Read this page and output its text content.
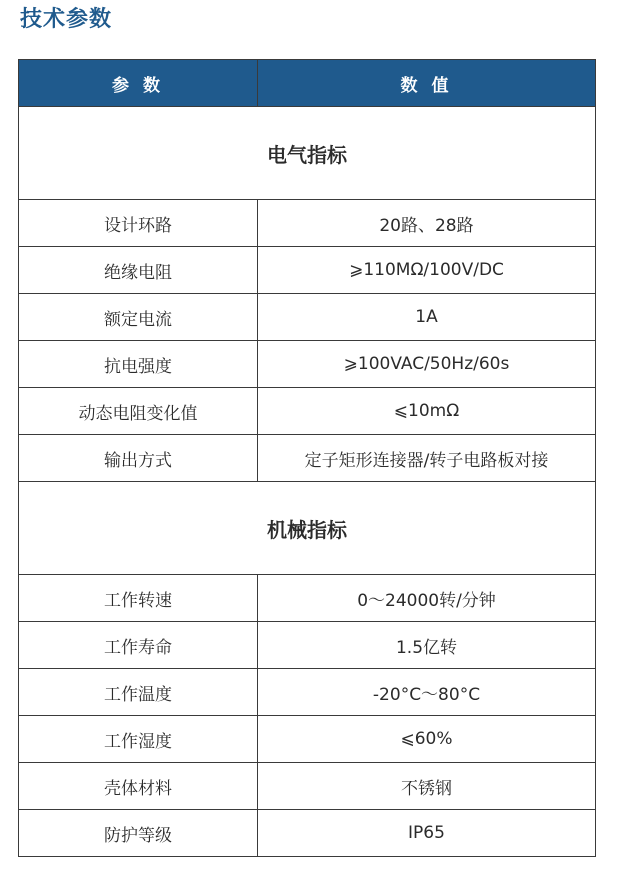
技术参数
参 数	数 值
电气指标	
设计环路	20路、28路
绝缘电阻	⩾110MΩ/100V/DC
额定电流	1A
抗电强度	⩾100VAC/50Hz/60s
动态电阻变化值	⩽10mΩ
输出方式	定子矩形连接器/转子电路板对接
机械指标	
工作转速	0～24000转/分钟
工作寿命	1.5亿转
工作温度	-20°C～80°C
工作湿度	⩽60%
壳体材料	不锈钢
防护等级	IP65
